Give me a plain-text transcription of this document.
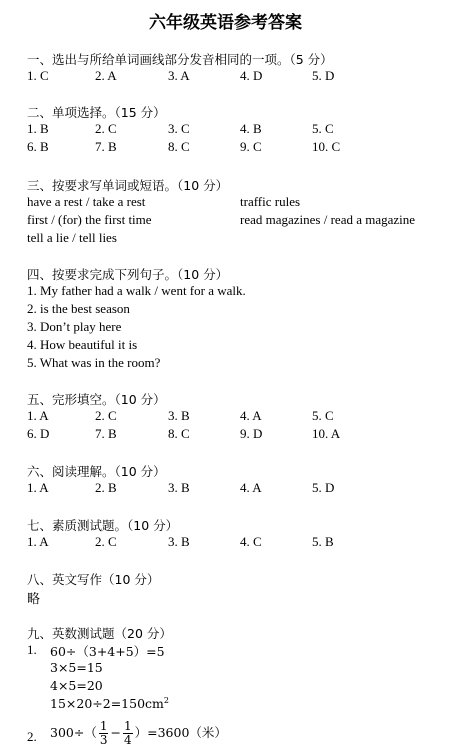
六年级英语参考答案
一、选出与所给单词画线部分发音相同的一项。（5 分）
1. C	2. A	3. A	4. D	5. D
二、单项选择。（15 分）
1. B	2. C	3. C	4. B	5. C
6. B	7. B	8. C	9. C	10. C
三、按要求写单词或短语。（10 分）
have a rest / take a rest	traffic rules
first / (for) the first time	read magazines / read a magazine
tell a lie / tell lies
四、按要求完成下列句子。（10 分）
1. My father had a walk / went for a walk.
2. is the best season
3. Don’t play here
4. How beautiful it is
5. What was in the room?
五、完形填空。（10 分）
1. A	2. C	3. B	4. A	5. C
6. D	7. B	8. C	9. D	10. A
六、阅读理解。（10 分）
1. A	2. B	3. B	4. A	5. D
七、素质测试题。（10 分）
1. A	2. C	3. B	4. C	5. B
八、英文写作（10 分）
略
九、英数测试题（20 分）
1. 60÷（3+4+5）=5
3×5=15
4×5=20
$15\times 20\div 2=150cm^2$
2. $300\div( \frac{1}{3} - \frac{1}{4} )=3600$（米）
